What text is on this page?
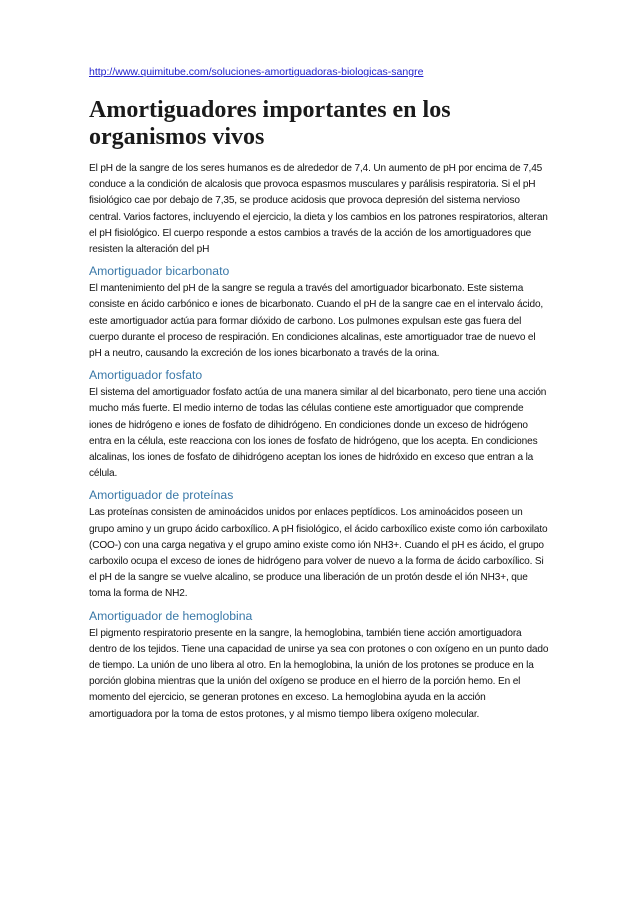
http://www.quimitube.com/soluciones-amortiguadoras-biologicas-sangre
Amortiguadores importantes en los organismos vivos

El pH de la sangre de los seres humanos es de alrededor de 7,4. Un aumento de pH por encima de 7,45 conduce a la condición de alcalosis que provoca espasmos musculares y parálisis respiratoria. Si el pH fisiológico cae por debajo de 7,35, se produce acidosis que provoca depresión del sistema nervioso central. Varios factores, incluyendo el ejercicio, la dieta y los cambios en los patrones respiratorios, alteran el pH fisiológico. El cuerpo responde a estos cambios a través de la acción de los amortiguadores que resisten la alteración del pH

Amortiguador bicarbonato

El mantenimiento del pH de la sangre se regula a través del amortiguador bicarbonato. Este sistema consiste en ácido carbónico e iones de bicarbonato. Cuando el pH de la sangre cae en el intervalo ácido, este amortiguador actúa para formar dióxido de carbono. Los pulmones expulsan este gas fuera del cuerpo durante el proceso de respiración. En condiciones alcalinas, este amortiguador trae de nuevo el pH a neutro, causando la excreción de los iones bicarbonato a través de la orina.

Amortiguador fosfato

El sistema del amortiguador fosfato actúa de una manera similar al del bicarbonato, pero tiene una acción mucho más fuerte. El medio interno de todas las células contiene este amortiguador que comprende iones de hidrógeno e iones de fosfato de dihidrógeno. En condiciones donde un exceso de hidrógeno entra en la célula, este reacciona con los iones de fosfato de hidrógeno, que los acepta. En condiciones alcalinas, los iones de fosfato de dihidrógeno aceptan los iones de hidróxido en exceso que entran a la célula.

Amortiguador de proteínas

Las proteínas consisten de aminoácidos unidos por enlaces peptídicos. Los aminoácidos poseen un grupo amino y un grupo ácido carboxílico. A pH fisiológico, el ácido carboxílico existe como ión carboxilato (COO-) con una carga negativa y el grupo amino existe como ión NH3+. Cuando el pH es ácido, el grupo carboxilo ocupa el exceso de iones de hidrógeno para volver de nuevo a la forma de ácido carboxílico. Si el pH de la sangre se vuelve alcalino, se produce una liberación de un protón desde el ión NH3+, que toma la forma de NH2.

Amortiguador de hemoglobina

El pigmento respiratorio presente en la sangre, la hemoglobina, también tiene acción amortiguadora dentro de los tejidos. Tiene una capacidad de unirse ya sea con protones o con oxígeno en un punto dado de tiempo. La unión de uno libera al otro. En la hemoglobina, la unión de los protones se produce en la porción globina mientras que la unión del oxígeno se produce en el hierro de la porción hemo. En el momento del ejercicio, se generan protones en exceso. La hemoglobina ayuda en la acción amortiguadora por la toma de estos protones, y al mismo tiempo libera oxígeno molecular.
